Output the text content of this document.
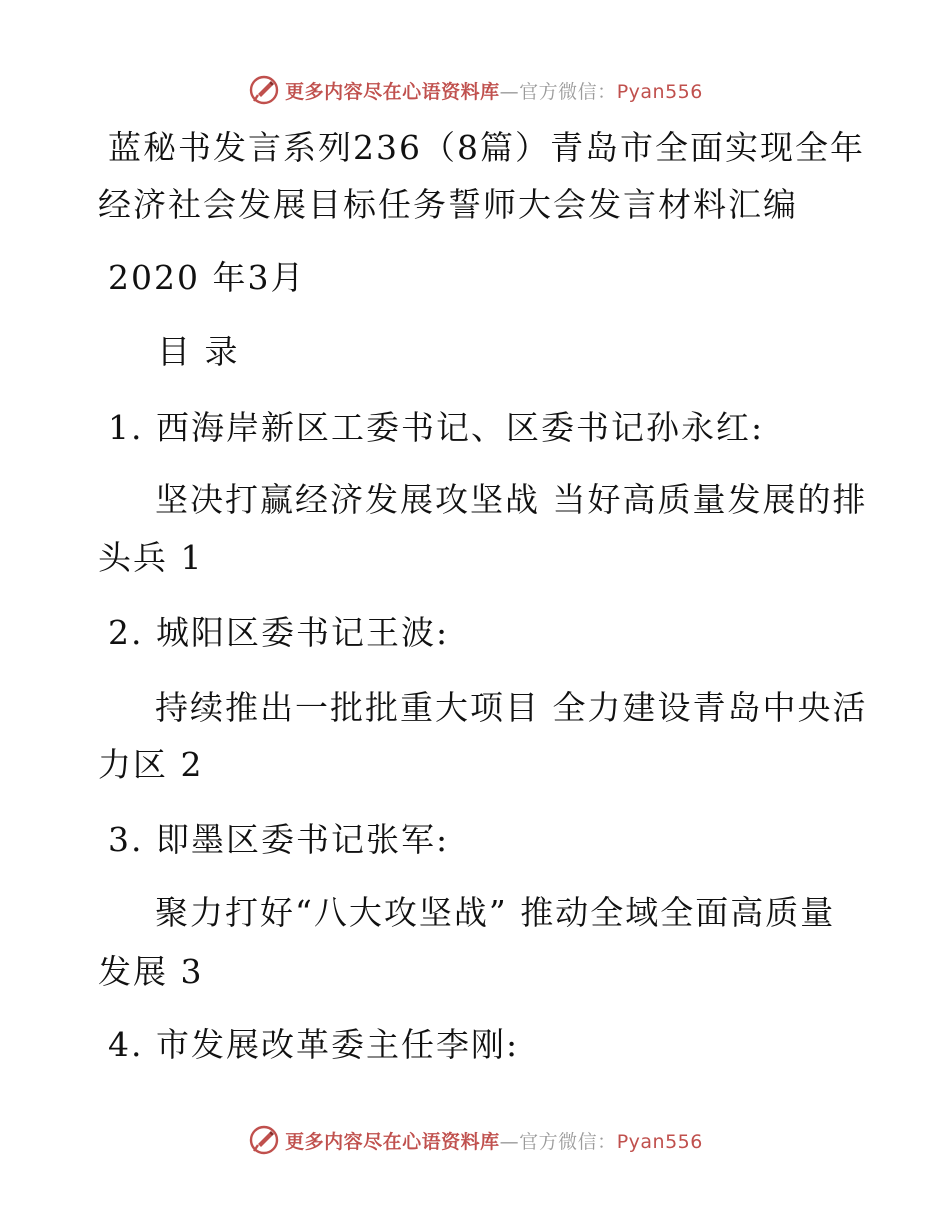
更多内容尽在心语资料库—官方微信：Pyan556
蓝秘书发言系列236（8篇）青岛市全面实现全年
经济社会发展目标任务誓师大会发言材料汇编
2020 年3月
目 录
1. 西海岸新区工委书记、区委书记孙永红:
坚决打赢经济发展攻坚战 当好高质量发展的排
头兵 1
2. 城阳区委书记王波:
持续推出一批批重大项目 全力建设青岛中央活
力区 2
3. 即墨区委书记张军:
聚力打好“八大攻坚战” 推动全域全面高质量
发展 3
4. 市发展改革委主任李刚:
更多内容尽在心语资料库—官方微信：Pyan556
